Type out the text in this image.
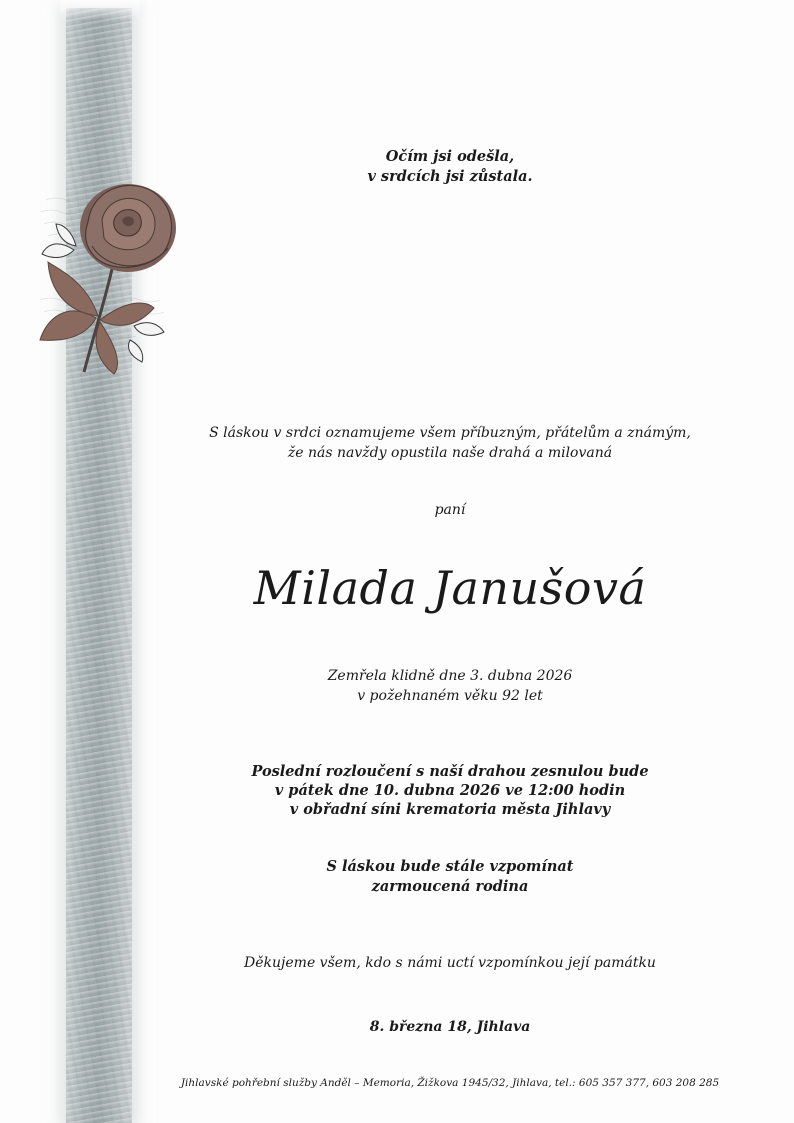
Očím jsi odešla,
v srdcích jsi zůstala.
S láskou v srdci oznamujeme všem příbuzným, přátelům a známým,
že nás navždy opustila naše drahá a milovaná
paní
Milada Janušová
Zemřela klidně dne 3. dubna 2026
v požehnaném věku 92 let
Poslední rozloučení s naší drahou zesnulou bude
v pátek dne 10. dubna 2026 ve 12:00 hodin
v obřadní síni krematoria města Jihlavy
S láskou bude stále vzpomínat
zarmoucená rodina
Děkujeme všem, kdo s námi uctí vzpomínkou její památku
8. března 18, Jihlava
Jihlavské pohřební služby Anděl – Memoria, Žižkova 1945/32, Jihlava, tel.: 605 357 377, 603 208 285
